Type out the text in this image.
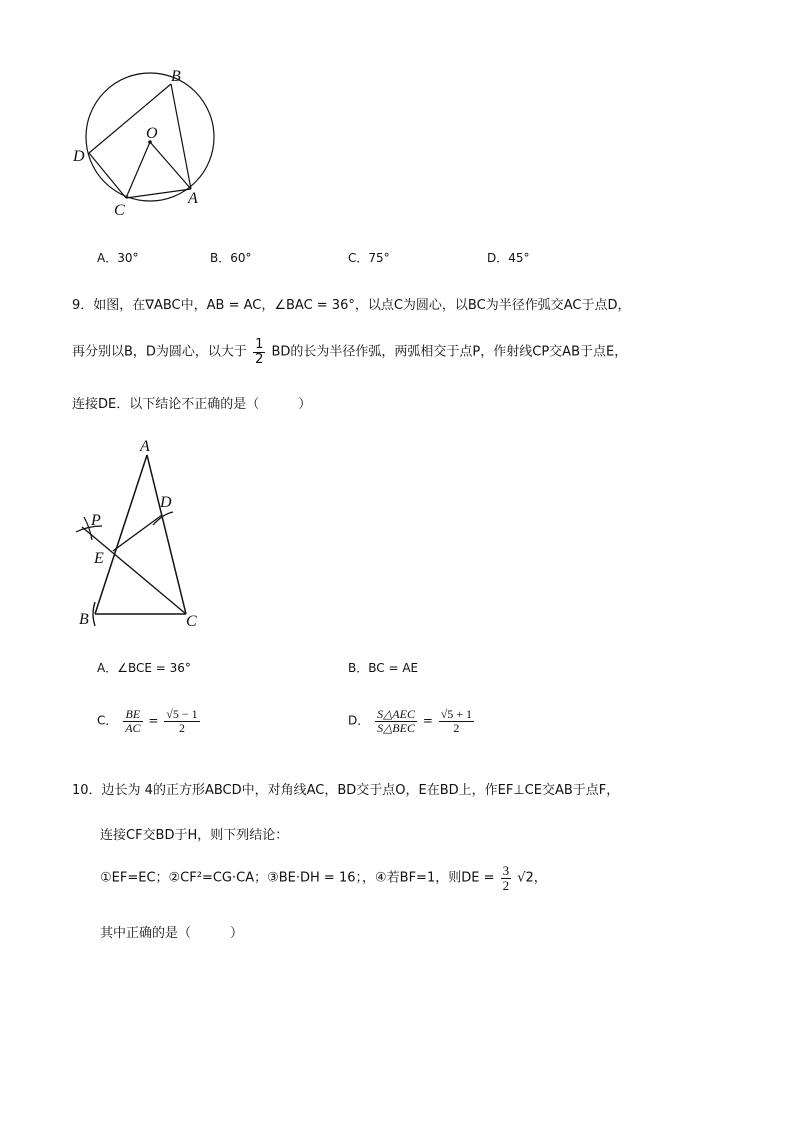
B
O
D
C
A
A．30°	B．60°	C．75°	D．45°
9．如图，在∇ABC中，AB = AC，∠BAC = 36°，以点C为圆心，以BC为半径作弧交AC于点D，
再分别以B，D为圆心，以大于 $\frac{1}{2}$ BD的长为半径作弧，两弧相交于点P，作射线CP交AB于点E，
连接DE．以下结论不正确的是（　　　）
A
D
P
E
B	C
A．∠BCE = 36°	B．BC = AE
C． $\frac{BE}{AC} = \frac{√5 - 1}{2}$	D． $\frac{\text{S△AEC}}{\text{S△BEC}} = \frac{√5 + 1}{2}$
10．边长为 4的正方形ABCD中，对角线AC，BD交于点O，E在BD上，作EF⊥CE交AB于点F，
连接CF交BD于H，则下列结论：
①EF=EC；②CF²=CG·CA；③BE·DH = 16；，④若BF=1，则DE = $\frac{3}{2} √2$，
其中正确的是（　　　）
